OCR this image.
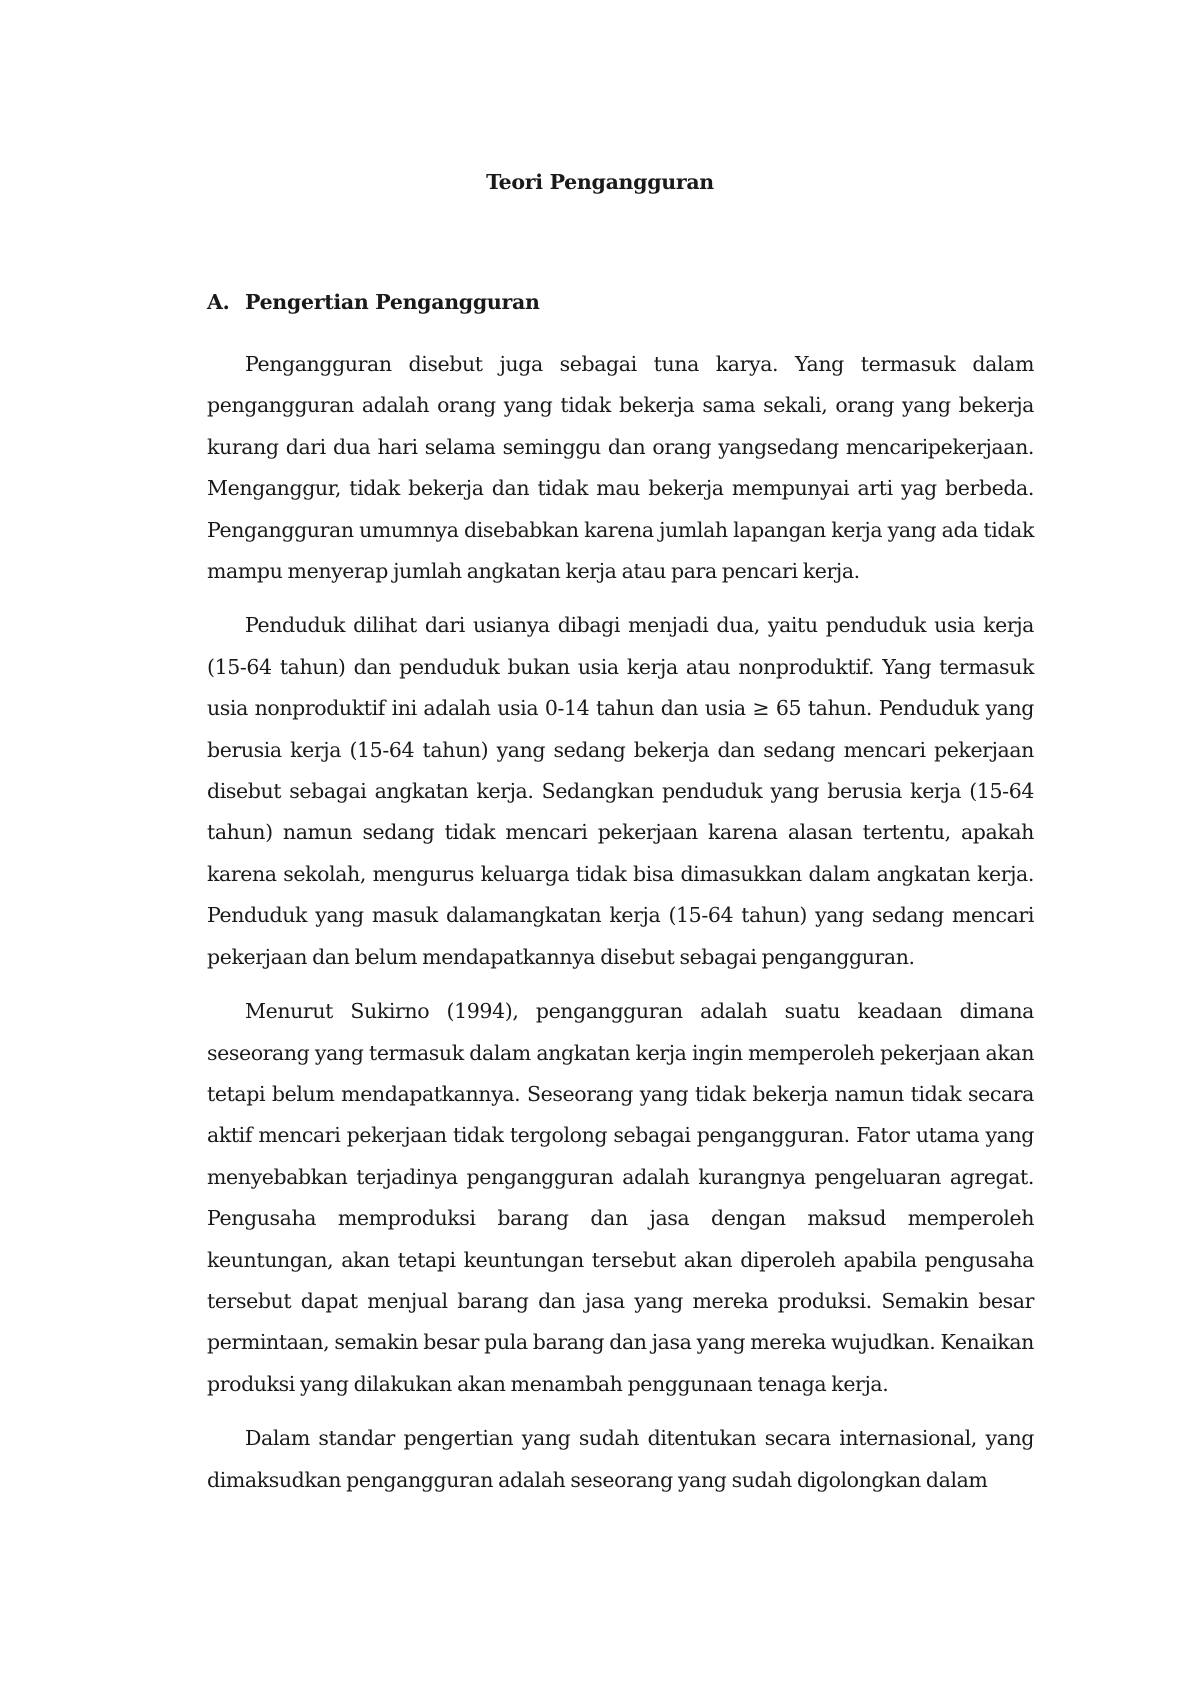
Teori Pengangguran
A. Pengertian Pengangguran

Pengangguran disebut juga sebagai tuna karya. Yang termasuk dalam pengangguran adalah orang yang tidak bekerja sama sekali, orang yang bekerja kurang dari dua hari selama seminggu dan orang yangsedang mencaripekerjaan. Menganggur, tidak bekerja dan tidak mau bekerja mempunyai arti yag berbeda. Pengangguran umumnya disebabkan karena jumlah lapangan kerja yang ada tidak mampu menyerap jumlah angkatan kerja atau para pencari kerja.

Penduduk dilihat dari usianya dibagi menjadi dua, yaitu penduduk usia kerja (15-64 tahun) dan penduduk bukan usia kerja atau nonproduktif. Yang termasuk usia nonproduktif ini adalah usia 0-14 tahun dan usia ≥ 65 tahun. Penduduk yang berusia kerja (15-64 tahun) yang sedang bekerja dan sedang mencari pekerjaan disebut sebagai angkatan kerja. Sedangkan penduduk yang berusia kerja (15-64 tahun) namun sedang tidak mencari pekerjaan karena alasan tertentu, apakah karena sekolah, mengurus keluarga tidak bisa dimasukkan dalam angkatan kerja. Penduduk yang masuk dalamangkatan kerja (15-64 tahun) yang sedang mencari pekerjaan dan belum mendapatkannya disebut sebagai pengangguran.

Menurut Sukirno (1994), pengangguran adalah suatu keadaan dimana seseorang yang termasuk dalam angkatan kerja ingin memperoleh pekerjaan akan tetapi belum mendapatkannya. Seseorang yang tidak bekerja namun tidak secara aktif mencari pekerjaan tidak tergolong sebagai pengangguran. Fator utama yang menyebabkan terjadinya pengangguran adalah kurangnya pengeluaran agregat. Pengusaha memproduksi barang dan jasa dengan maksud memperoleh keuntungan, akan tetapi keuntungan tersebut akan diperoleh apabila pengusaha tersebut dapat menjual barang dan jasa yang mereka produksi. Semakin besar permintaan, semakin besar pula barang dan jasa yang mereka wujudkan. Kenaikan produksi yang dilakukan akan menambah penggunaan tenaga kerja.

Dalam standar pengertian yang sudah ditentukan secara internasional, yang dimaksudkan pengangguran adalah seseorang yang sudah digolongkan dalam
